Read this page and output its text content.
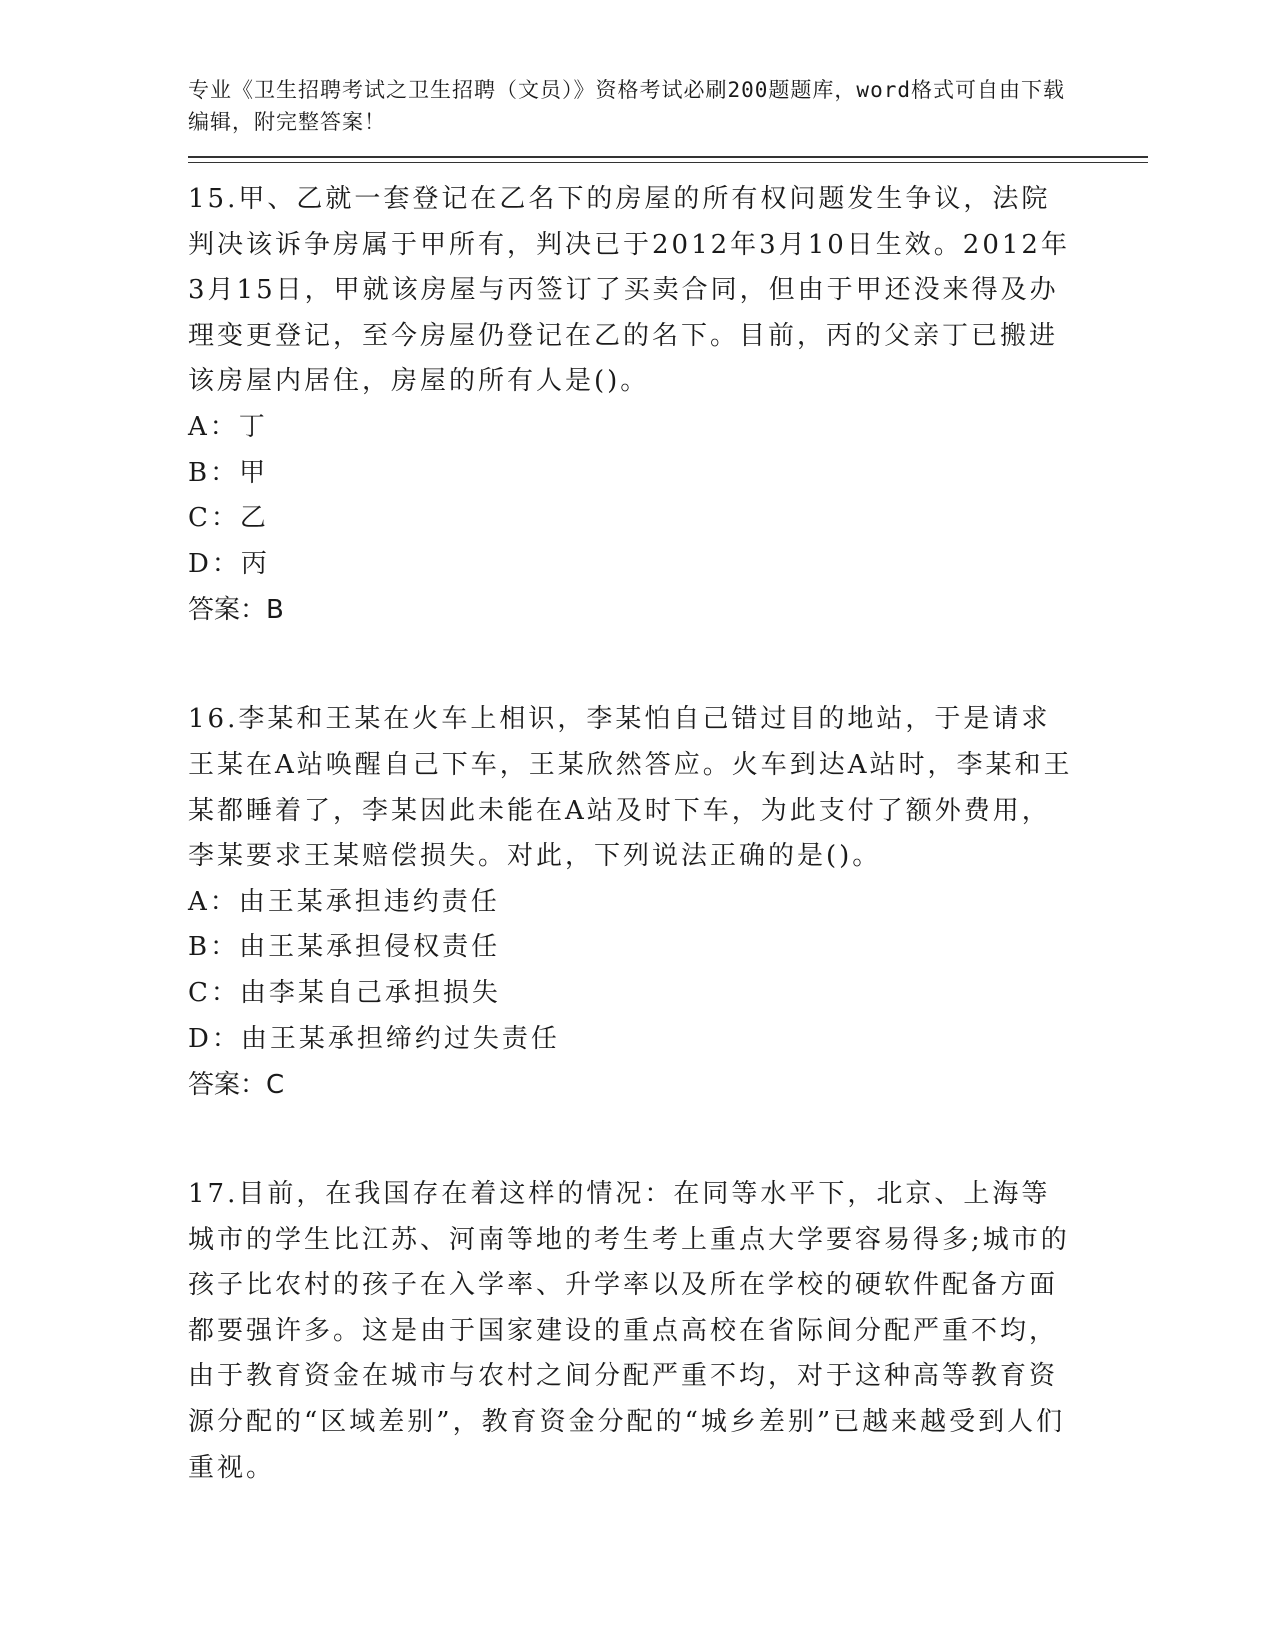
专业《卫生招聘考试之卫生招聘（文员）》资格考试必刷200题题库，word格式可自由下载编辑，附完整答案！
15.甲、乙就一套登记在乙名下的房屋的所有权问题发生争议，法院判决该诉争房属于甲所有，判决已于2012年3月10日生效。2012年3月15日，甲就该房屋与丙签订了买卖合同，但由于甲还没来得及办理变更登记，至今房屋仍登记在乙的名下。目前，丙的父亲丁已搬进该房屋内居住，房屋的所有人是()。
A：丁
B：甲
C：乙
D：丙
答案：B
16.李某和王某在火车上相识，李某怕自己错过目的地站，于是请求王某在A站唤醒自己下车，王某欣然答应。火车到达A站时，李某和王某都睡着了，李某因此未能在A站及时下车，为此支付了额外费用，李某要求王某赔偿损失。对此，下列说法正确的是()。
A：由王某承担违约责任
B：由王某承担侵权责任
C：由李某自己承担损失
D：由王某承担缔约过失责任
答案：C
17.目前，在我国存在着这样的情况：在同等水平下，北京、上海等城市的学生比江苏、河南等地的考生考上重点大学要容易得多;城市的孩子比农村的孩子在入学率、升学率以及所在学校的硬软件配备方面都要强许多。这是由于国家建设的重点高校在省际间分配严重不均，由于教育资金在城市与农村之间分配严重不均，对于这种高等教育资源分配的“区域差别”，教育资金分配的“城乡差别”已越来越受到人们重视。
